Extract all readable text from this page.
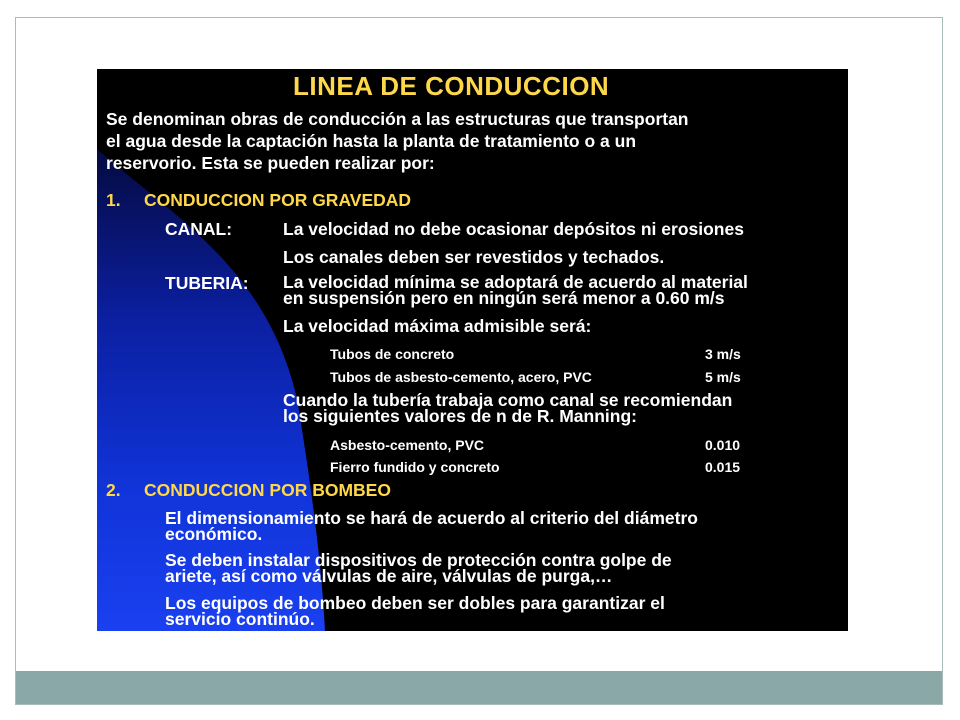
LINEA DE CONDUCCION
Se denominan obras de conducción a las estructuras que transportan
el agua desde la captación hasta la planta de tratamiento o a un
reservorio. Esta se pueden realizar por:
1. CONDUCCION POR GRAVEDAD
CANAL:	La velocidad no debe ocasionar depósitos ni erosiones
Los canales deben ser revestidos y techados.
TUBERIA: La velocidad mínima se adoptará de acuerdo al material
en suspensión pero en ningún será menor a 0.60 m/s
La velocidad máxima admisible será:
Tubos de concreto	3 m/s
Tubos de asbesto-cemento, acero, PVC	5 m/s
Cuando la tubería trabaja como canal se recomiendan
los siguientes valores de n de R. Manning:
Asbesto-cemento, PVC	0.010
Fierro fundido y concreto	0.015
2. CONDUCCION POR BOMBEO
El dimensionamiento se hará de acuerdo al criterio del diámetro
económico.
Se deben instalar dispositivos de protección contra golpe de
ariete, así como válvulas de aire, válvulas de purga,…
Los equipos de bombeo deben ser dobles para garantizar el
servicio continúo.
